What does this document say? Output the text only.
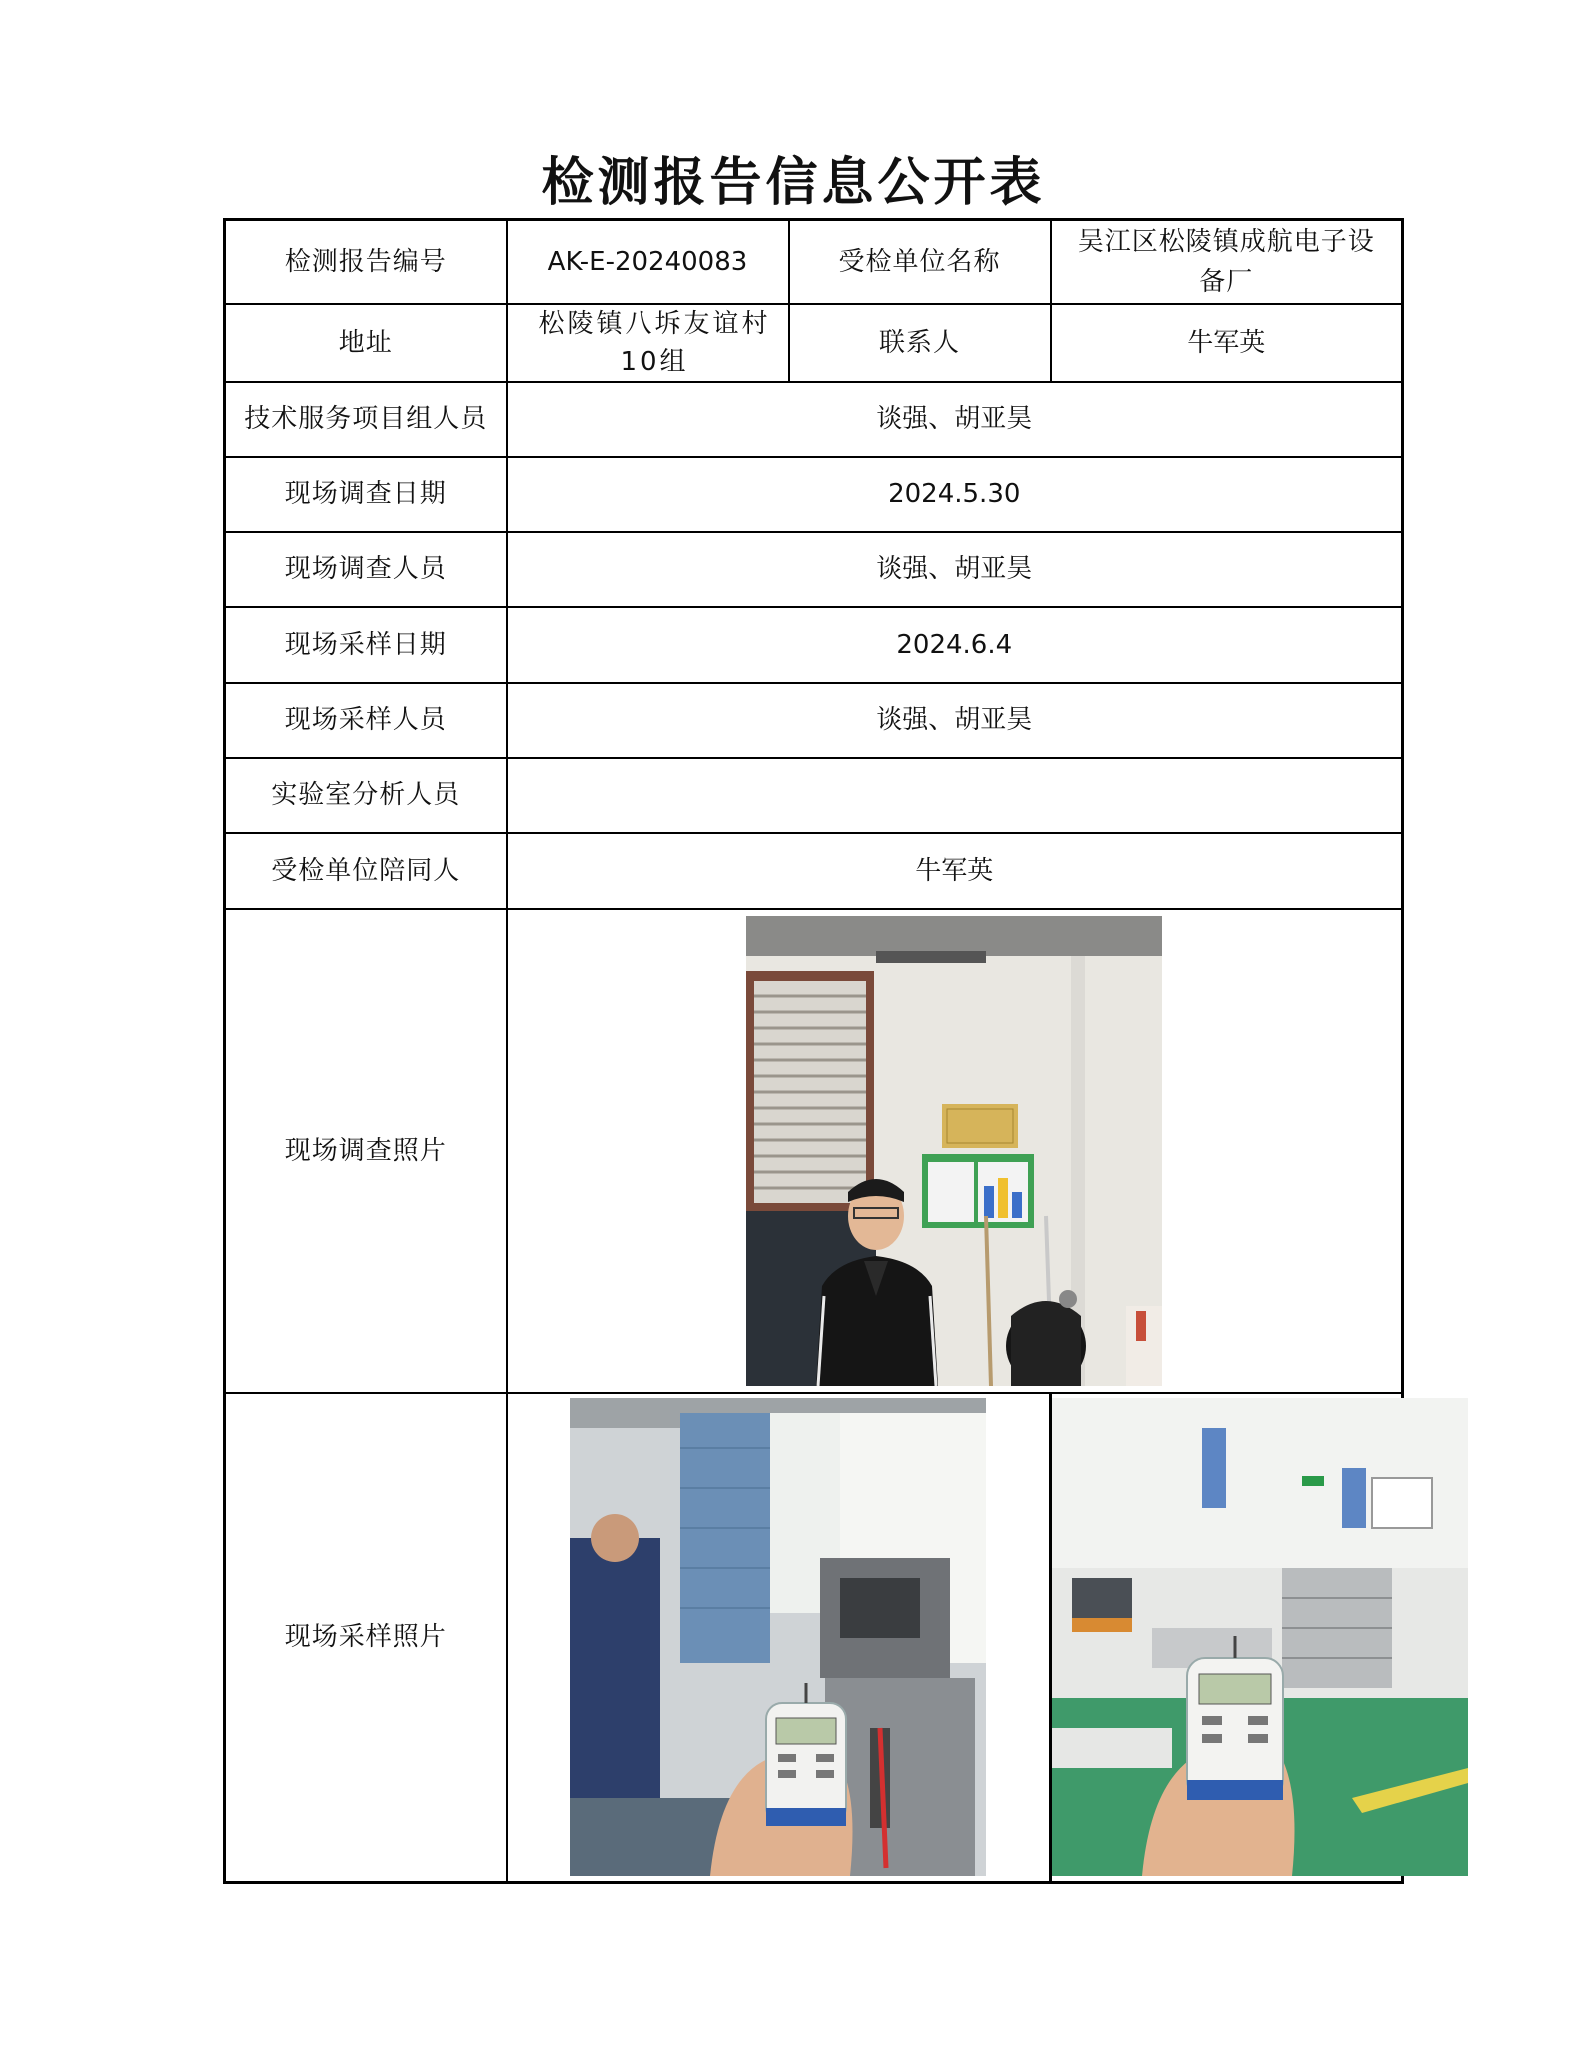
检测报告信息公开表
检测报告编号	AK-E-20240083	受检单位名称	吴江区松陵镇成航电子设备厂
地址	松陵镇八坼友谊村10组	联系人	牛军英
技术服务项目组人员	谈强、胡亚昊		
现场调查日期	2024.5.30		
现场调查人员	谈强、胡亚昊		
现场采样日期	2024.6.4		
现场采样人员	谈强、胡亚昊		
实验室分析人员			
受检单位陪同人	牛军英		
现场调查照片	

现场采样照片	
